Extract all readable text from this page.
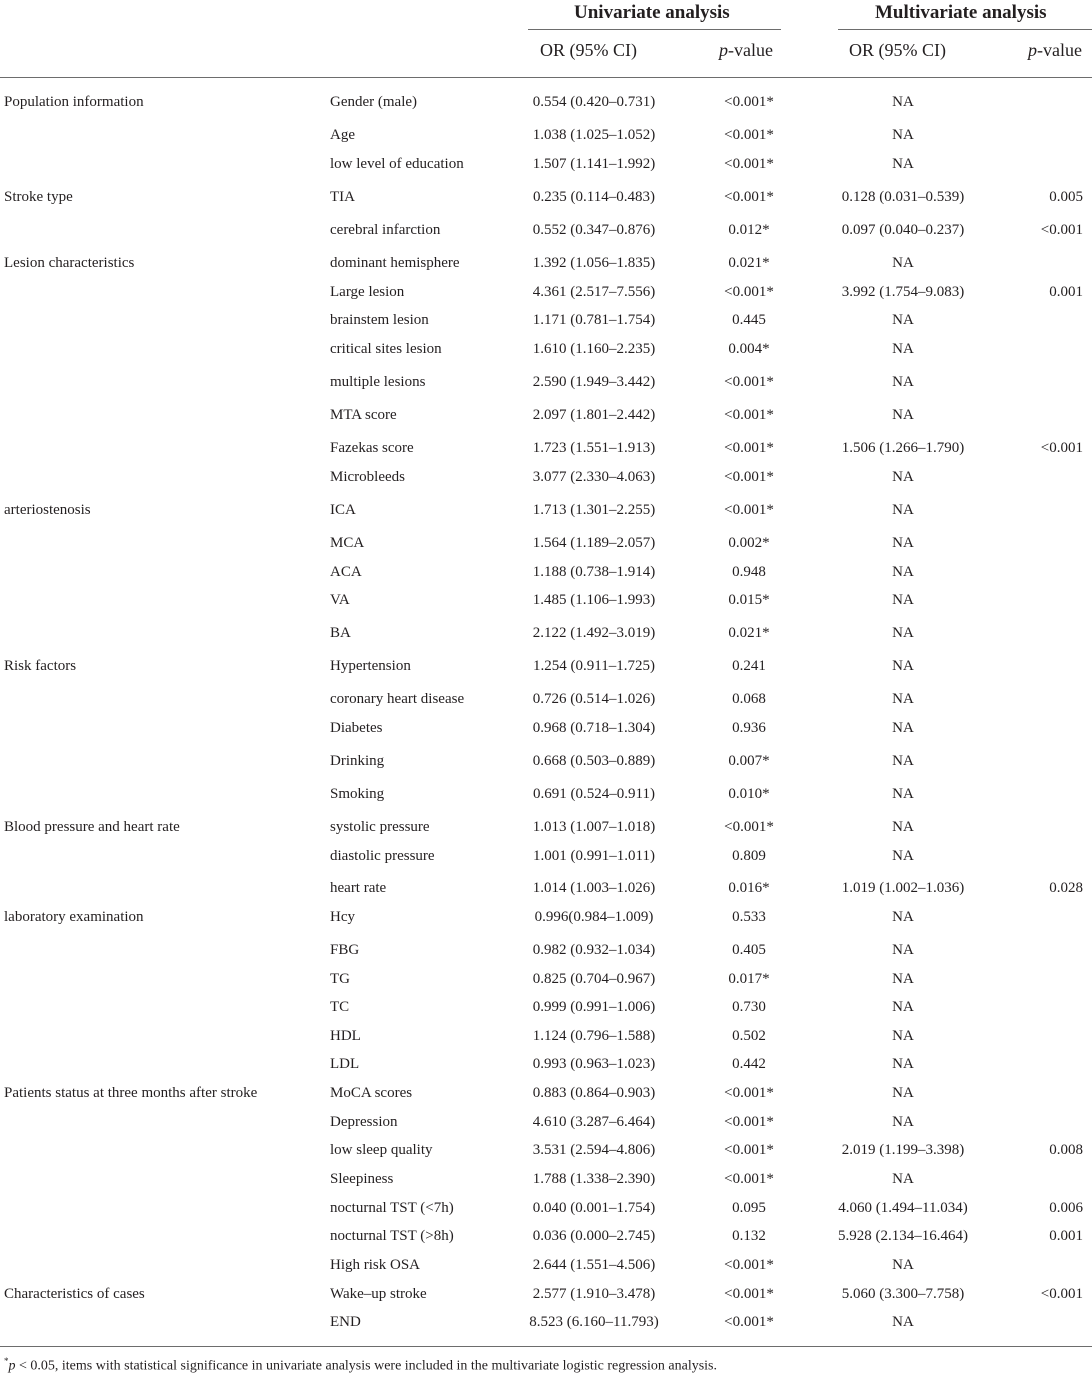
Univariate analysis	Multivariate analysis
OR (95% CI)	p-value	OR (95% CI)	p-value
Population information	Gender (male)	0.554 (0.420–0.731)	<0.001*	NA
Age	1.038 (1.025–1.052)	<0.001*	NA
low level of education	1.507 (1.141–1.992)	<0.001*	NA
Stroke type	TIA	0.235 (0.114–0.483)	<0.001*	0.128 (0.031–0.539)	0.005
cerebral infarction	0.552 (0.347–0.876)	0.012*	0.097 (0.040–0.237)	<0.001
Lesion characteristics	dominant hemisphere	1.392 (1.056–1.835)	0.021*	NA
Large lesion	4.361 (2.517–7.556)	<0.001*	3.992 (1.754–9.083)	0.001
brainstem lesion	1.171 (0.781–1.754)	0.445	NA
critical sites lesion	1.610 (1.160–2.235)	0.004*	NA
multiple lesions	2.590 (1.949–3.442)	<0.001*	NA
MTA score	2.097 (1.801–2.442)	<0.001*	NA
Fazekas score	1.723 (1.551–1.913)	<0.001*	1.506 (1.266–1.790)	<0.001
Microbleeds	3.077 (2.330–4.063)	<0.001*	NA
arteriostenosis	ICA	1.713 (1.301–2.255)	<0.001*	NA
MCA	1.564 (1.189–2.057)	0.002*	NA
ACA	1.188 (0.738–1.914)	0.948	NA
VA	1.485 (1.106–1.993)	0.015*	NA
BA	2.122 (1.492–3.019)	0.021*	NA
Risk factors	Hypertension	1.254 (0.911–1.725)	0.241	NA
coronary heart disease	0.726 (0.514–1.026)	0.068	NA
Diabetes	0.968 (0.718–1.304)	0.936	NA
Drinking	0.668 (0.503–0.889)	0.007*	NA
Smoking	0.691 (0.524–0.911)	0.010*	NA
Blood pressure and heart rate	systolic pressure	1.013 (1.007–1.018)	<0.001*	NA
diastolic pressure	1.001 (0.991–1.011)	0.809	NA
heart rate	1.014 (1.003–1.026)	0.016*	1.019 (1.002–1.036)	0.028
laboratory examination	Hcy	0.996(0.984–1.009)	0.533	NA
FBG	0.982 (0.932–1.034)	0.405	NA
TG	0.825 (0.704–0.967)	0.017*	NA
TC	0.999 (0.991–1.006)	0.730	NA
HDL	1.124 (0.796–1.588)	0.502	NA
LDL	0.993 (0.963–1.023)	0.442	NA
Patients status at three months after stroke	MoCA scores	0.883 (0.864–0.903)	<0.001*	NA
Depression	4.610 (3.287–6.464)	<0.001*	NA
low sleep quality	3.531 (2.594–4.806)	<0.001*	2.019 (1.199–3.398)	0.008
Sleepiness	1.788 (1.338–2.390)	<0.001*	NA
nocturnal TST (<7h)	0.040 (0.001–1.754)	0.095	4.060 (1.494–11.034)	0.006
nocturnal TST (>8h)	0.036 (0.000–2.745)	0.132	5.928 (2.134–16.464)	0.001
High risk OSA	2.644 (1.551–4.506)	<0.001*	NA
Characteristics of cases	Wake–up stroke	2.577 (1.910–3.478)	<0.001*	5.060 (3.300–7.758)	<0.001
END	8.523 (6.160–11.793)	<0.001*	NA
*p < 0.05, items with statistical significance in univariate analysis were included in the multivariate logistic regression analysis.
